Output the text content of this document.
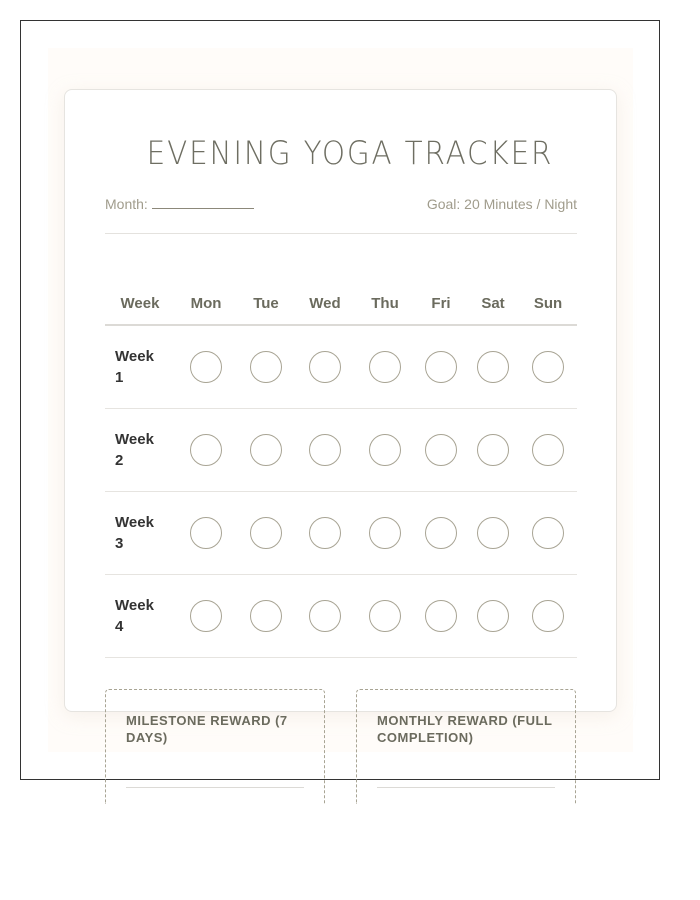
EVENING YOGA TRACKER
Month:	Goal: 20 Minutes / Night
Week	Mon	Tue	Wed	Thu	Fri	Sat	Sun
Week 1
Week 2
Week 3
Week 4
MILESTONE REWARD (7 DAYS)
MONTHLY REWARD (FULL COMPLETION)
